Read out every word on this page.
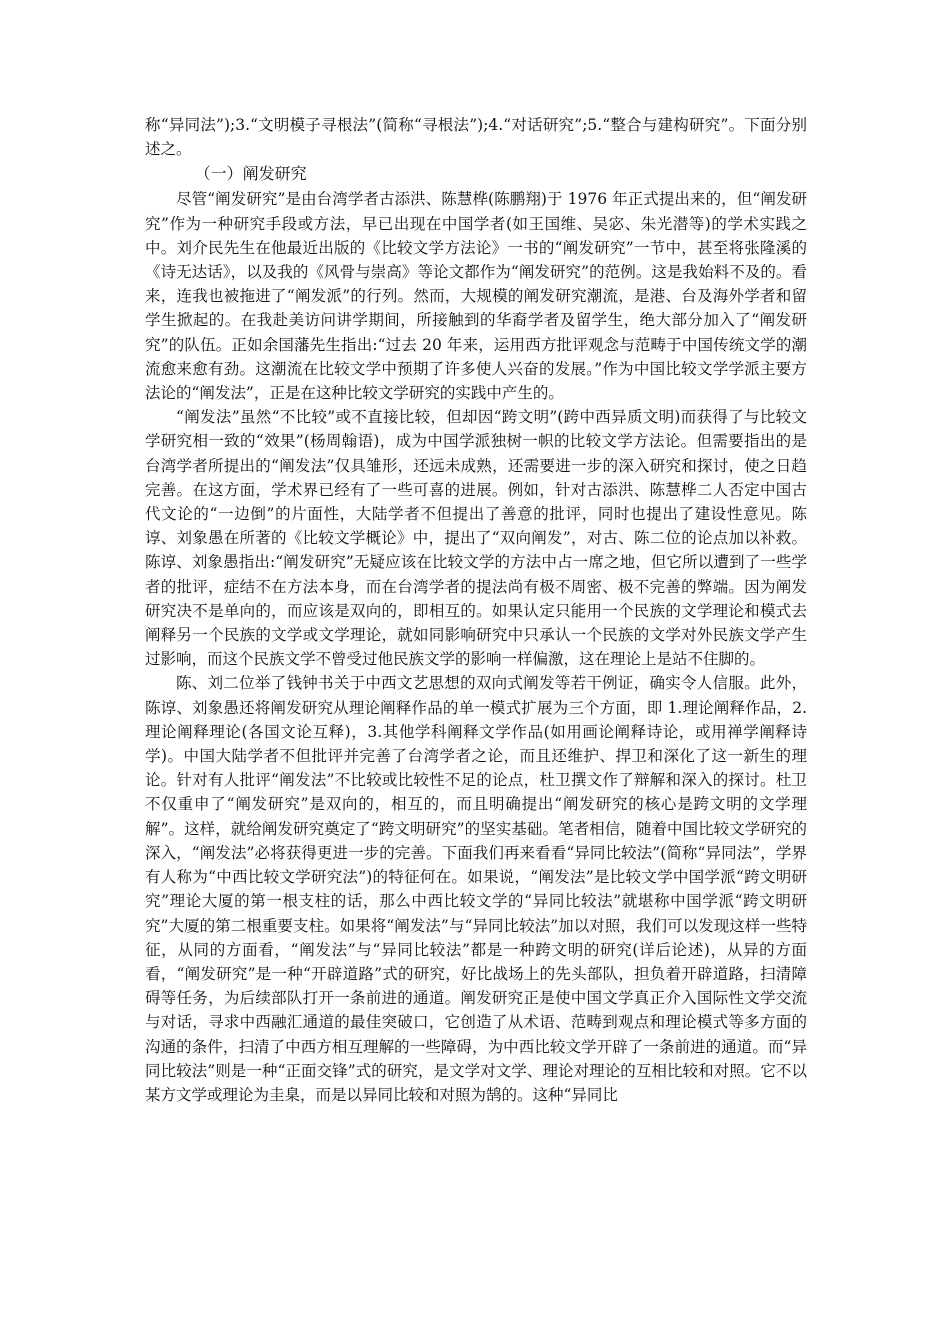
称“异同法”);3.“文明模子寻根法”(简称“寻根法”);4.“对话研究”;5.“整合与建构研究”。下面分别述之。

（一）阐发研究

尽管“阐发研究”是由台湾学者古添洪、陈慧桦(陈鹏翔)于 1976 年正式提出来的，但“阐发研究”作为一种研究手段或方法，早已出现在中国学者(如王国维、吴宓、朱光潜等)的学术实践之中。刘介民先生在他最近出版的《比较文学方法论》一书的“阐发研究”一节中，甚至将张隆溪的《诗无达话》，以及我的《风骨与崇高》等论文都作为“阐发研究”的范例。这是我始料不及的。看来，连我也被拖进了“阐发派”的行列。然而，大规模的阐发研究潮流，是港、台及海外学者和留学生掀起的。在我赴美访问讲学期间，所接触到的华裔学者及留学生，绝大部分加入了“阐发研究”的队伍。正如余国藩先生指出:“过去 20 年来，运用西方批评观念与范畴于中国传统文学的潮流愈来愈有劲。这潮流在比较文学中预期了许多使人兴奋的发展。”作为中国比较文学学派主要方法论的“阐发法”，正是在这种比较文学研究的实践中产生的。

“阐发法”虽然“不比较”或不直接比较，但却因“跨文明”(跨中西异质文明)而获得了与比较文学研究相一致的“效果”(杨周翰语)，成为中国学派独树一帜的比较文学方法论。但需要指出的是台湾学者所提出的“阐发法”仅具雏形，还远未成熟，还需要进一步的深入研究和探讨，使之日趋完善。在这方面，学术界已经有了一些可喜的进展。例如，针对古添洪、陈慧桦二人否定中国古代文论的“一边倒”的片面性，大陆学者不但提出了善意的批评，同时也提出了建设性意见。陈谆、刘象愚在所著的《比较文学概论》中，提出了“双向阐发”，对古、陈二位的论点加以补救。陈谆、刘象愚指出:“阐发研究”无疑应该在比较文学的方法中占一席之地，但它所以遭到了一些学者的批评，症结不在方法本身，而在台湾学者的提法尚有极不周密、极不完善的弊端。因为阐发研究决不是单向的，而应该是双向的，即相互的。如果认定只能用一个民族的文学理论和模式去阐释另一个民族的文学或文学理论，就如同影响研究中只承认一个民族的文学对外民族文学产生过影响，而这个民族文学不曾受过他民族文学的影响一样偏激，这在理论上是站不住脚的。

陈、刘二位举了钱钟书关于中西文艺思想的双向式阐发等若干例证，确实令人信服。此外，陈谆、刘象愚还将阐发研究从理论阐释作品的单一模式扩展为三个方面，即 1.理论阐释作品，2.理论阐释理论(各国文论互释)，3.其他学科阐释文学作品(如用画论阐释诗论，或用禅学阐释诗学)。中国大陆学者不但批评并完善了台湾学者之论，而且还维护、捍卫和深化了这一新生的理论。针对有人批评“阐发法”不比较或比较性不足的论点，杜卫撰文作了辩解和深入的探讨。杜卫不仅重申了“阐发研究”是双向的，相互的，而且明确提出“阐发研究的核心是跨文明的文学理解”。这样，就给阐发研究奠定了“跨文明研究”的坚实基础。笔者相信，随着中国比较文学研究的深入，“阐发法”必将获得更进一步的完善。下面我们再来看看“异同比较法”(简称“异同法”，学界有人称为“中西比较文学研究法”)的特征何在。如果说，“阐发法”是比较文学中国学派“跨文明研究”理论大厦的第一根支柱的话，那么中西比较文学的“异同比较法”就堪称中国学派“跨文明研究”大厦的第二根重要支柱。如果将“阐发法”与“异同比较法”加以对照，我们可以发现这样一些特征，从同的方面看，“阐发法”与“异同比较法”都是一种跨文明的研究(详后论述)，从异的方面看，“阐发研究”是一种“开辟道路”式的研究，好比战场上的先头部队，担负着开辟道路，扫清障碍等任务，为后续部队打开一条前进的通道。阐发研究正是使中国文学真正介入国际性文学交流与对话，寻求中西融汇通道的最佳突破口，它创造了从术语、范畴到观点和理论模式等多方面的沟通的条件，扫清了中西方相互理解的一些障碍，为中西比较文学开辟了一条前进的通道。而“异同比较法”则是一种“正面交锋”式的研究，是文学对文学、理论对理论的互相比较和对照。它不以某方文学或理论为圭臬，而是以异同比较和对照为鹄的。这种“异同比
